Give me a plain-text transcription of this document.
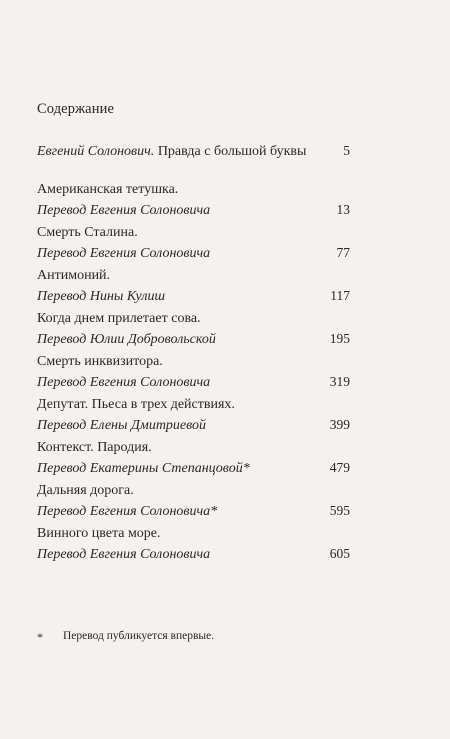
Содержание
Евгений Солонович. Правда с большой буквы	5
Американская тетушка.
Перевод Евгения Солоновича	13
Смерть Сталина.
Перевод Евгения Солоновича	77
Антимоний.
Перевод Нины Кулиш	117
Когда днем прилетает сова.
Перевод Юлии Добровольской	195
Смерть инквизитора.
Перевод Евгения Солоновича	319
Депутат. Пьеса в трех действиях.
Перевод Елены Дмитриевой	399
Контекст. Пародия.
Перевод Екатерины Степанцовой*	479
Дальняя дорога.
Перевод Евгения Солоновича*	595
Винного цвета море.
Перевод Евгения Солоновича	605
* Перевод публикуется впервые.
